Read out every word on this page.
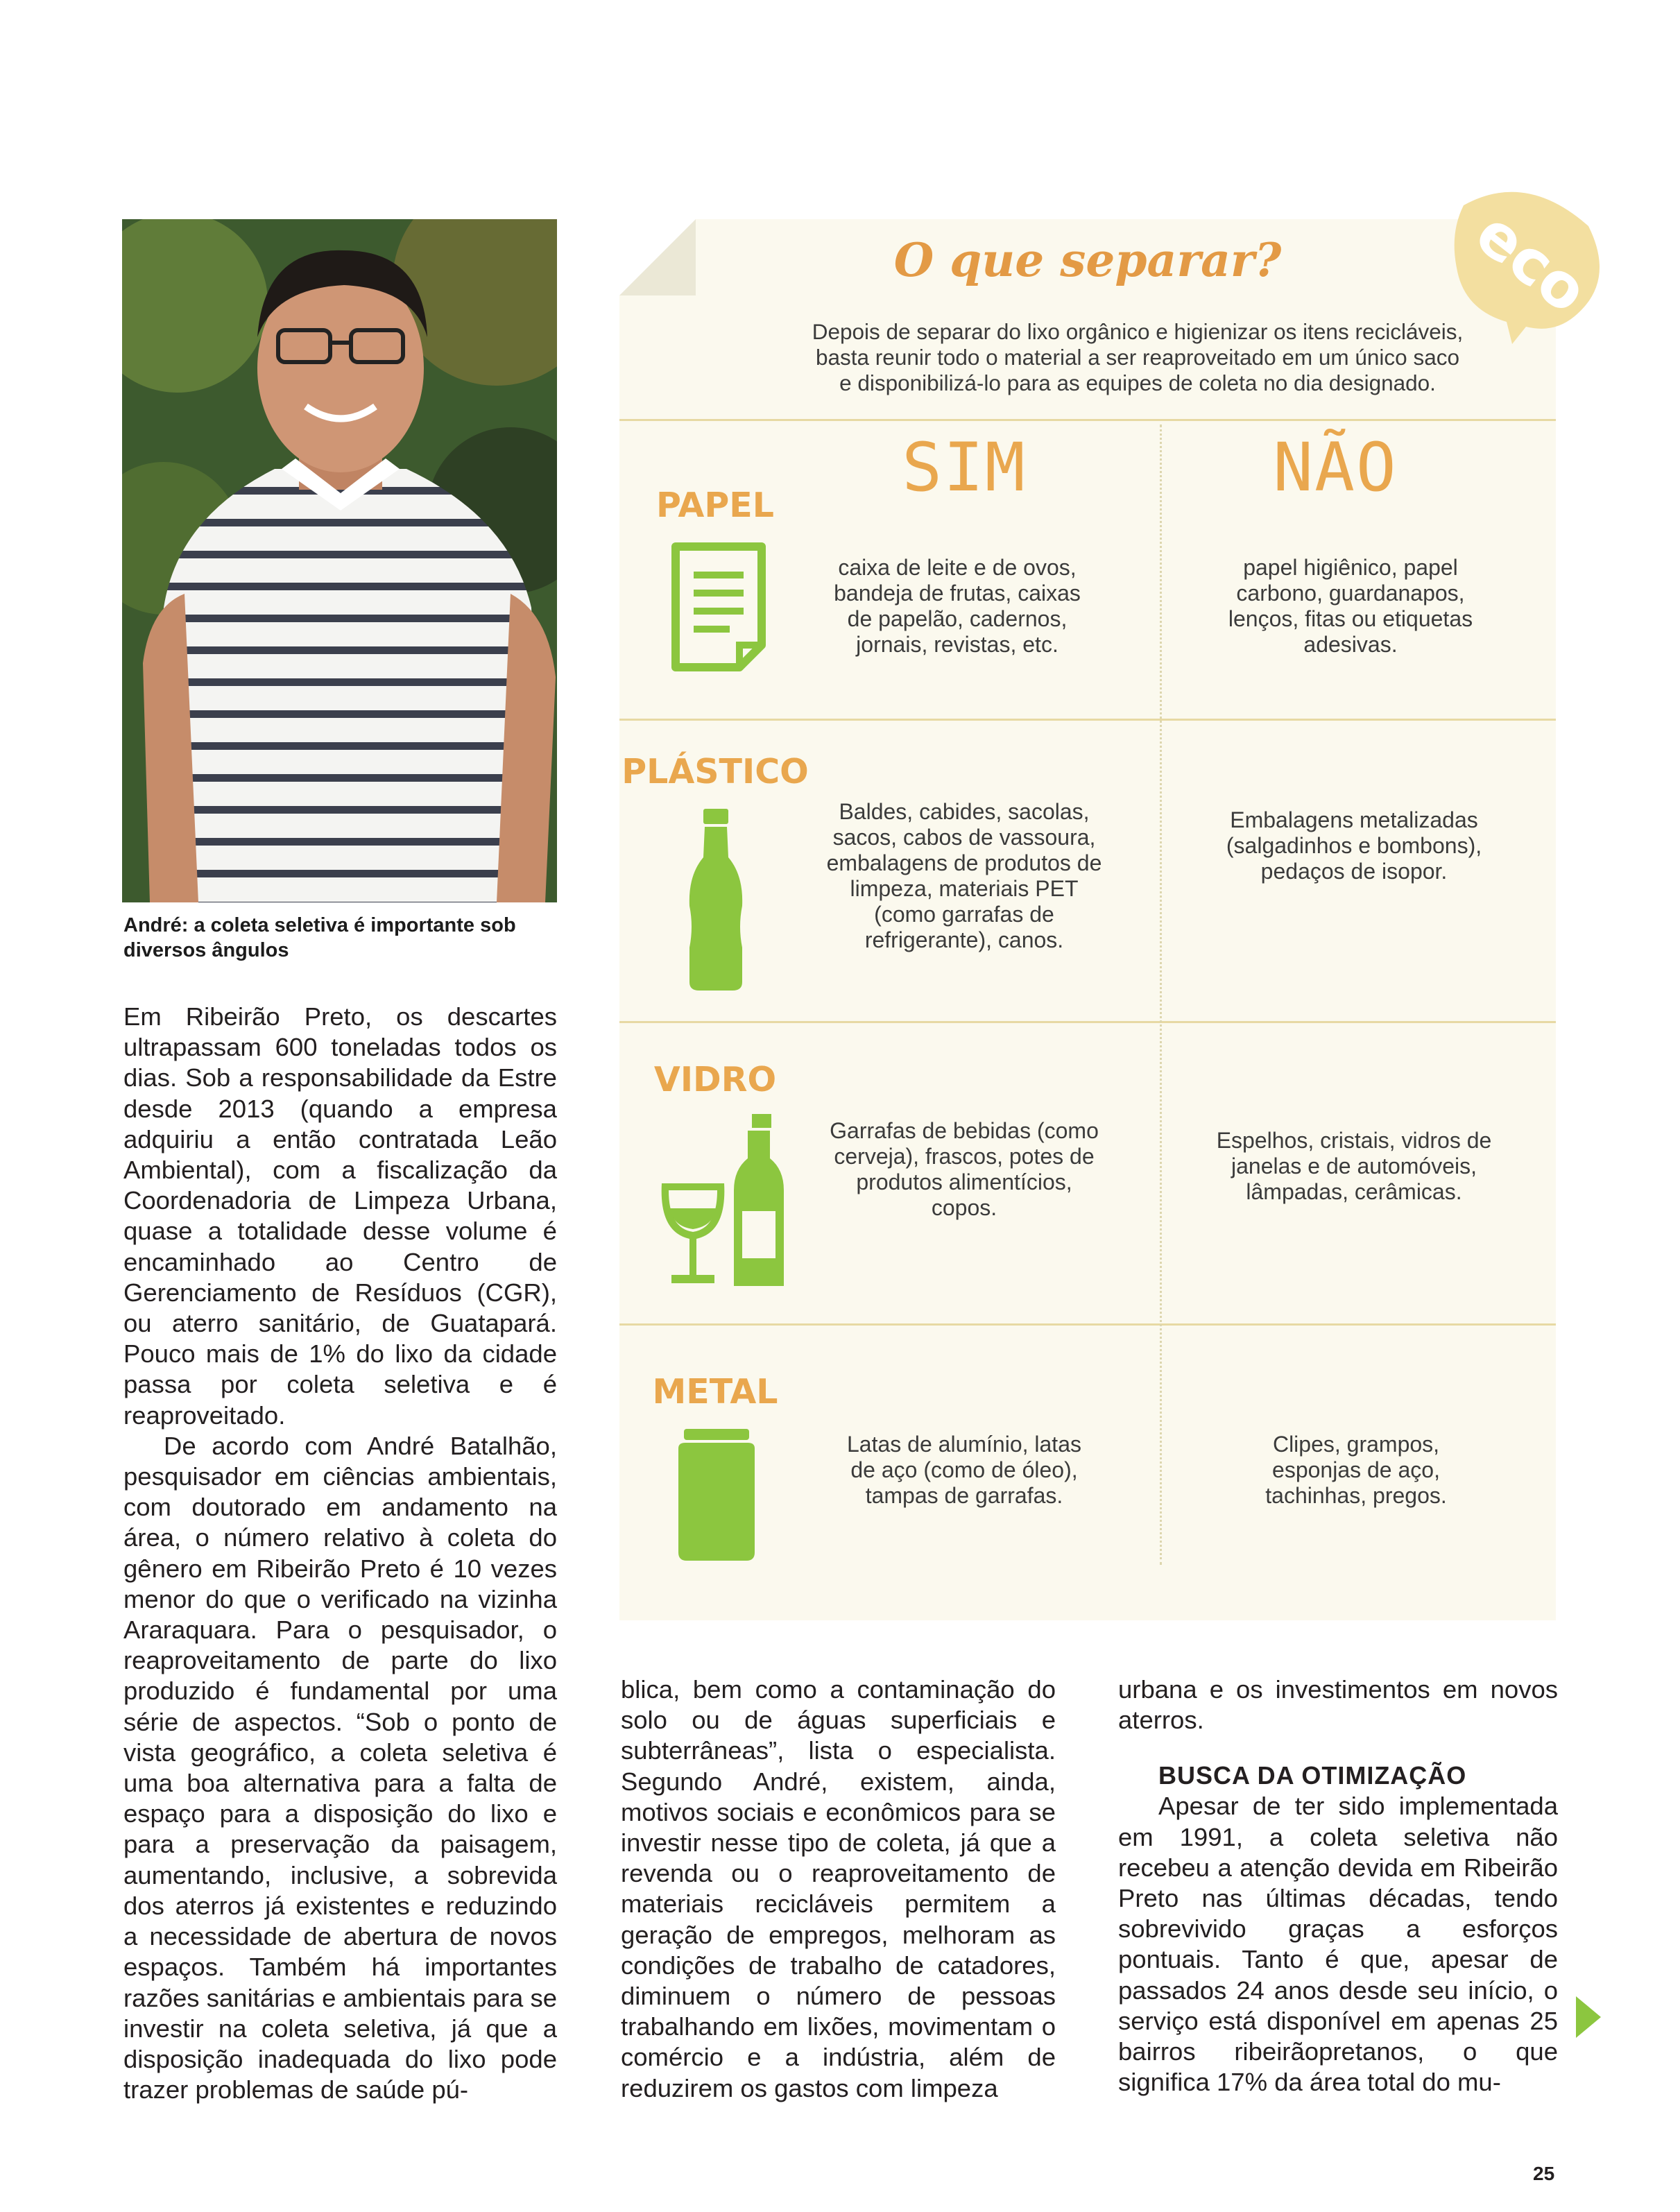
André: a coleta seletiva é importante sob diversos ângulos

Em Ribeirão Preto, os descartes ultrapassam 600 toneladas todos os dias. Sob a responsabilidade da Estre desde 2013 (quando a empresa adquiriu a então contratada Leão Ambiental), com a fiscalização da Coordenadoria de Limpeza Urbana, quase a totalidade desse volume é encaminhado ao Centro de Gerenciamento de Resíduos (CGR), ou aterro sanitário, de Guatapará. Pouco mais de 1% do lixo da cidade passa por coleta seletiva e é reaproveitado.

De acordo com André Batalhão, pesquisador em ciências ambientais, com doutorado em andamento na área, o número relativo à coleta do gênero em Ribeirão Preto é 10 vezes menor do que o verificado na vizinha Araraquara. Para o pesquisador, o reaproveitamento de parte do lixo produzido é fundamental por uma série de aspectos. “Sob o ponto de vista geográfico, a coleta seletiva é uma boa alternativa para a falta de espaço para a disposição do lixo e para a preservação da paisagem, aumentando, inclusive, a sobrevida dos aterros já existentes e reduzindo a necessidade de abertura de novos espaços. Também há importantes razões sanitárias e ambientais para se investir na coleta seletiva, já que a disposição inadequada do lixo pode trazer problemas de saúde pú-

eco
O que separar?
Depois de separar do lixo orgânico e higienizar os itens recicláveis,
basta reunir todo o material a ser reaproveitado em um único saco
e disponibilizá-lo para as equipes de coleta no dia designado.
SIM	NÃO
PAPEL
caixa de leite e de ovos, bandeja de frutas, caixas de papelão, cadernos, jornais, revistas, etc.
papel higiênico, papel carbono, guardanapos, lenços, fitas ou etiquetas adesivas.
PLÁSTICO
Baldes, cabides, sacolas, sacos, cabos de vassoura, embalagens de produtos de limpeza, materiais PET (como garrafas de refrigerante), canos.
Embalagens metalizadas (salgadinhos e bombons), pedaços de isopor.
VIDRO
Garrafas de bebidas (como cerveja), frascos, potes de produtos alimentícios, copos.
Espelhos, cristais, vidros de janelas e de automóveis, lâmpadas, cerâmicas.
METAL
Latas de alumínio, latas de aço (como de óleo), tampas de garrafas.
Clipes, grampos, esponjas de aço, tachinhas, pregos.

blica, bem como a contaminação do solo ou de águas superficiais e subterrâneas”, lista o especialista. Segundo André, existem, ainda, motivos sociais e econômicos para se investir nesse tipo de coleta, já que a revenda ou o reaproveitamento de materiais recicláveis permitem a geração de empregos, melhoram as condições de trabalho de catadores, diminuem o número de pessoas trabalhando em lixões, movimentam o comércio e a indústria, além de reduzirem os gastos com limpeza

urbana e os investimentos em novos aterros.

BUSCA DA OTIMIZAÇÃO

Apesar de ter sido implementada em 1991, a coleta seletiva não recebeu a atenção devida em Ribeirão Preto nas últimas décadas, tendo sobrevivido graças a esforços pontuais. Tanto é que, apesar de passados 24 anos desde seu início, o serviço está disponível em apenas 25 bairros ribeirãopretanos, o que significa 17% da área total do mu-

25
